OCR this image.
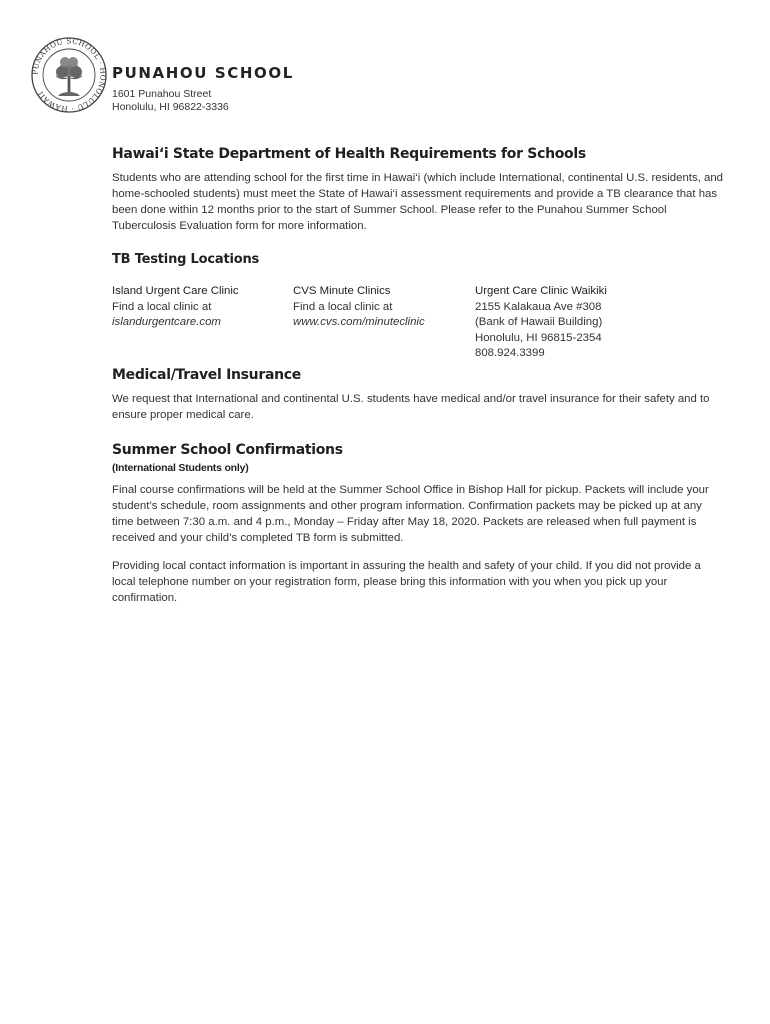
PUNAHOU SCHOOL · HONOLULU · HAWAII
PUNAHOU SCHOOL
1601 Punahou Street
Honolulu, HI 96822-3336
Hawai‘i State Department of Health Requirements for Schools

Students who are attending school for the first time in Hawai‘i (which include International, continental U.S. residents, and home-schooled students) must meet the State of Hawai‘i assessment requirements and provide a TB clearance that has been done within 12 months prior to the start of Summer School. Please refer to the Punahou Summer School Tuberculosis Evaluation form for more information.

TB Testing Locations
Island Urgent Care Clinic
Find a local clinic at
islandurgentcare.com
CVS Minute Clinics
Find a local clinic at
www.cvs.com/minuteclinic
Urgent Care Clinic Waikiki
2155 Kalakaua Ave #308
(Bank of Hawaii Building)
Honolulu, HI 96815-2354
808.924.3399
Medical/Travel Insurance

We request that International and continental U.S. students have medical and/or travel insurance for their safety and to ensure proper medical care.

Summer School Confirmations
(International Students only)

Final course confirmations will be held at the Summer School Office in Bishop Hall for pickup. Packets will include your student’s schedule, room assignments and other program information. Confirmation packets may be picked up at any time between 7:30 a.m. and 4 p.m., Monday – Friday after May 18, 2020. Packets are released when full payment is received and your child’s completed TB form is submitted.

Providing local contact information is important in assuring the health and safety of your child. If you did not provide a local telephone number on your registration form, please bring this information with you when you pick up your confirmation.
